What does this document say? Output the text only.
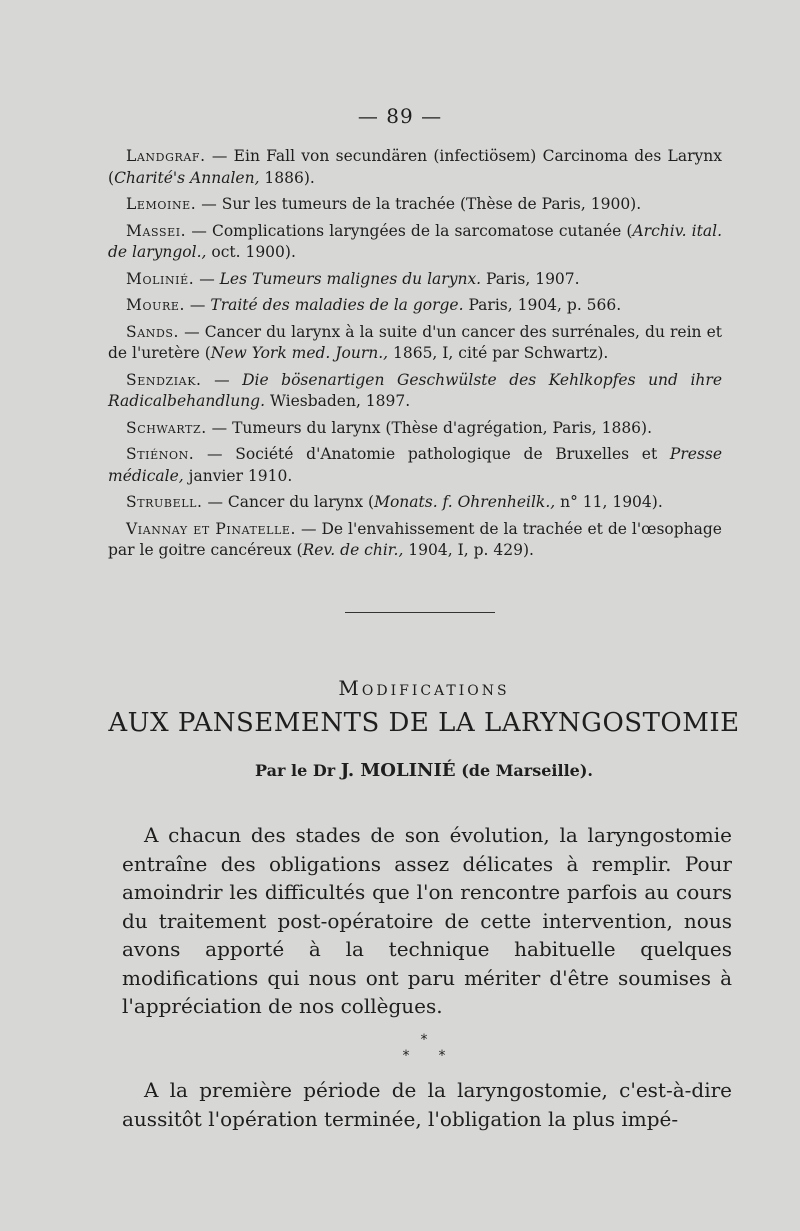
— 89 —

Landgraf. — Ein Fall von secundären (infectiösem) Carcinoma des Larynx (Charité's Annalen, 1886).

Lemoine. — Sur les tumeurs de la trachée (Thèse de Paris, 1900).

Massei. — Complications laryngées de la sarcomatose cutanée (Archiv. ital. de laryngol., oct. 1900).

Molinié. — Les Tumeurs malignes du larynx. Paris, 1907.

Moure. — Traité des maladies de la gorge. Paris, 1904, p. 566.

Sands. — Cancer du larynx à la suite d'un cancer des surrénales, du rein et de l'uretère (New York med. Journ., 1865, I, cité par Schwartz).

Sendziak. — Die bösenartigen Geschwülste des Kehlkopfes und ihre Radicalbehandlung. Wiesbaden, 1897.

Schwartz. — Tumeurs du larynx (Thèse d'agrégation, Paris, 1886).

Stiénon. — Société d'Anatomie pathologique de Bruxelles et Presse médicale, janvier 1910.

Strubell. — Cancer du larynx (Monats. f. Ohrenheilk., n° 11, 1904).

Viannay et Pinatelle. — De l'envahissement de la trachée et de l'œsophage par le goitre cancéreux (Rev. de chir., 1904, I, p. 429).

Modifications
AUX PANSEMENTS DE LA LARYNGOSTOMIE
Par le Dr J. MOLINIÉ (de Marseille).

A chacun des stades de son évolution, la laryngostomie entraîne des obligations assez délicates à remplir. Pour amoindrir les difficultés que l'on rencontre parfois au cours du traitement post-opératoire de cette intervention, nous avons apporté à la technique habituelle quelques modifications qui nous ont paru mériter d'être soumises à l'appréciation de nos collègues.

*
* *

A la première période de la laryngostomie, c'est-à-dire aussitôt l'opération terminée, l'obligation la plus impé-
